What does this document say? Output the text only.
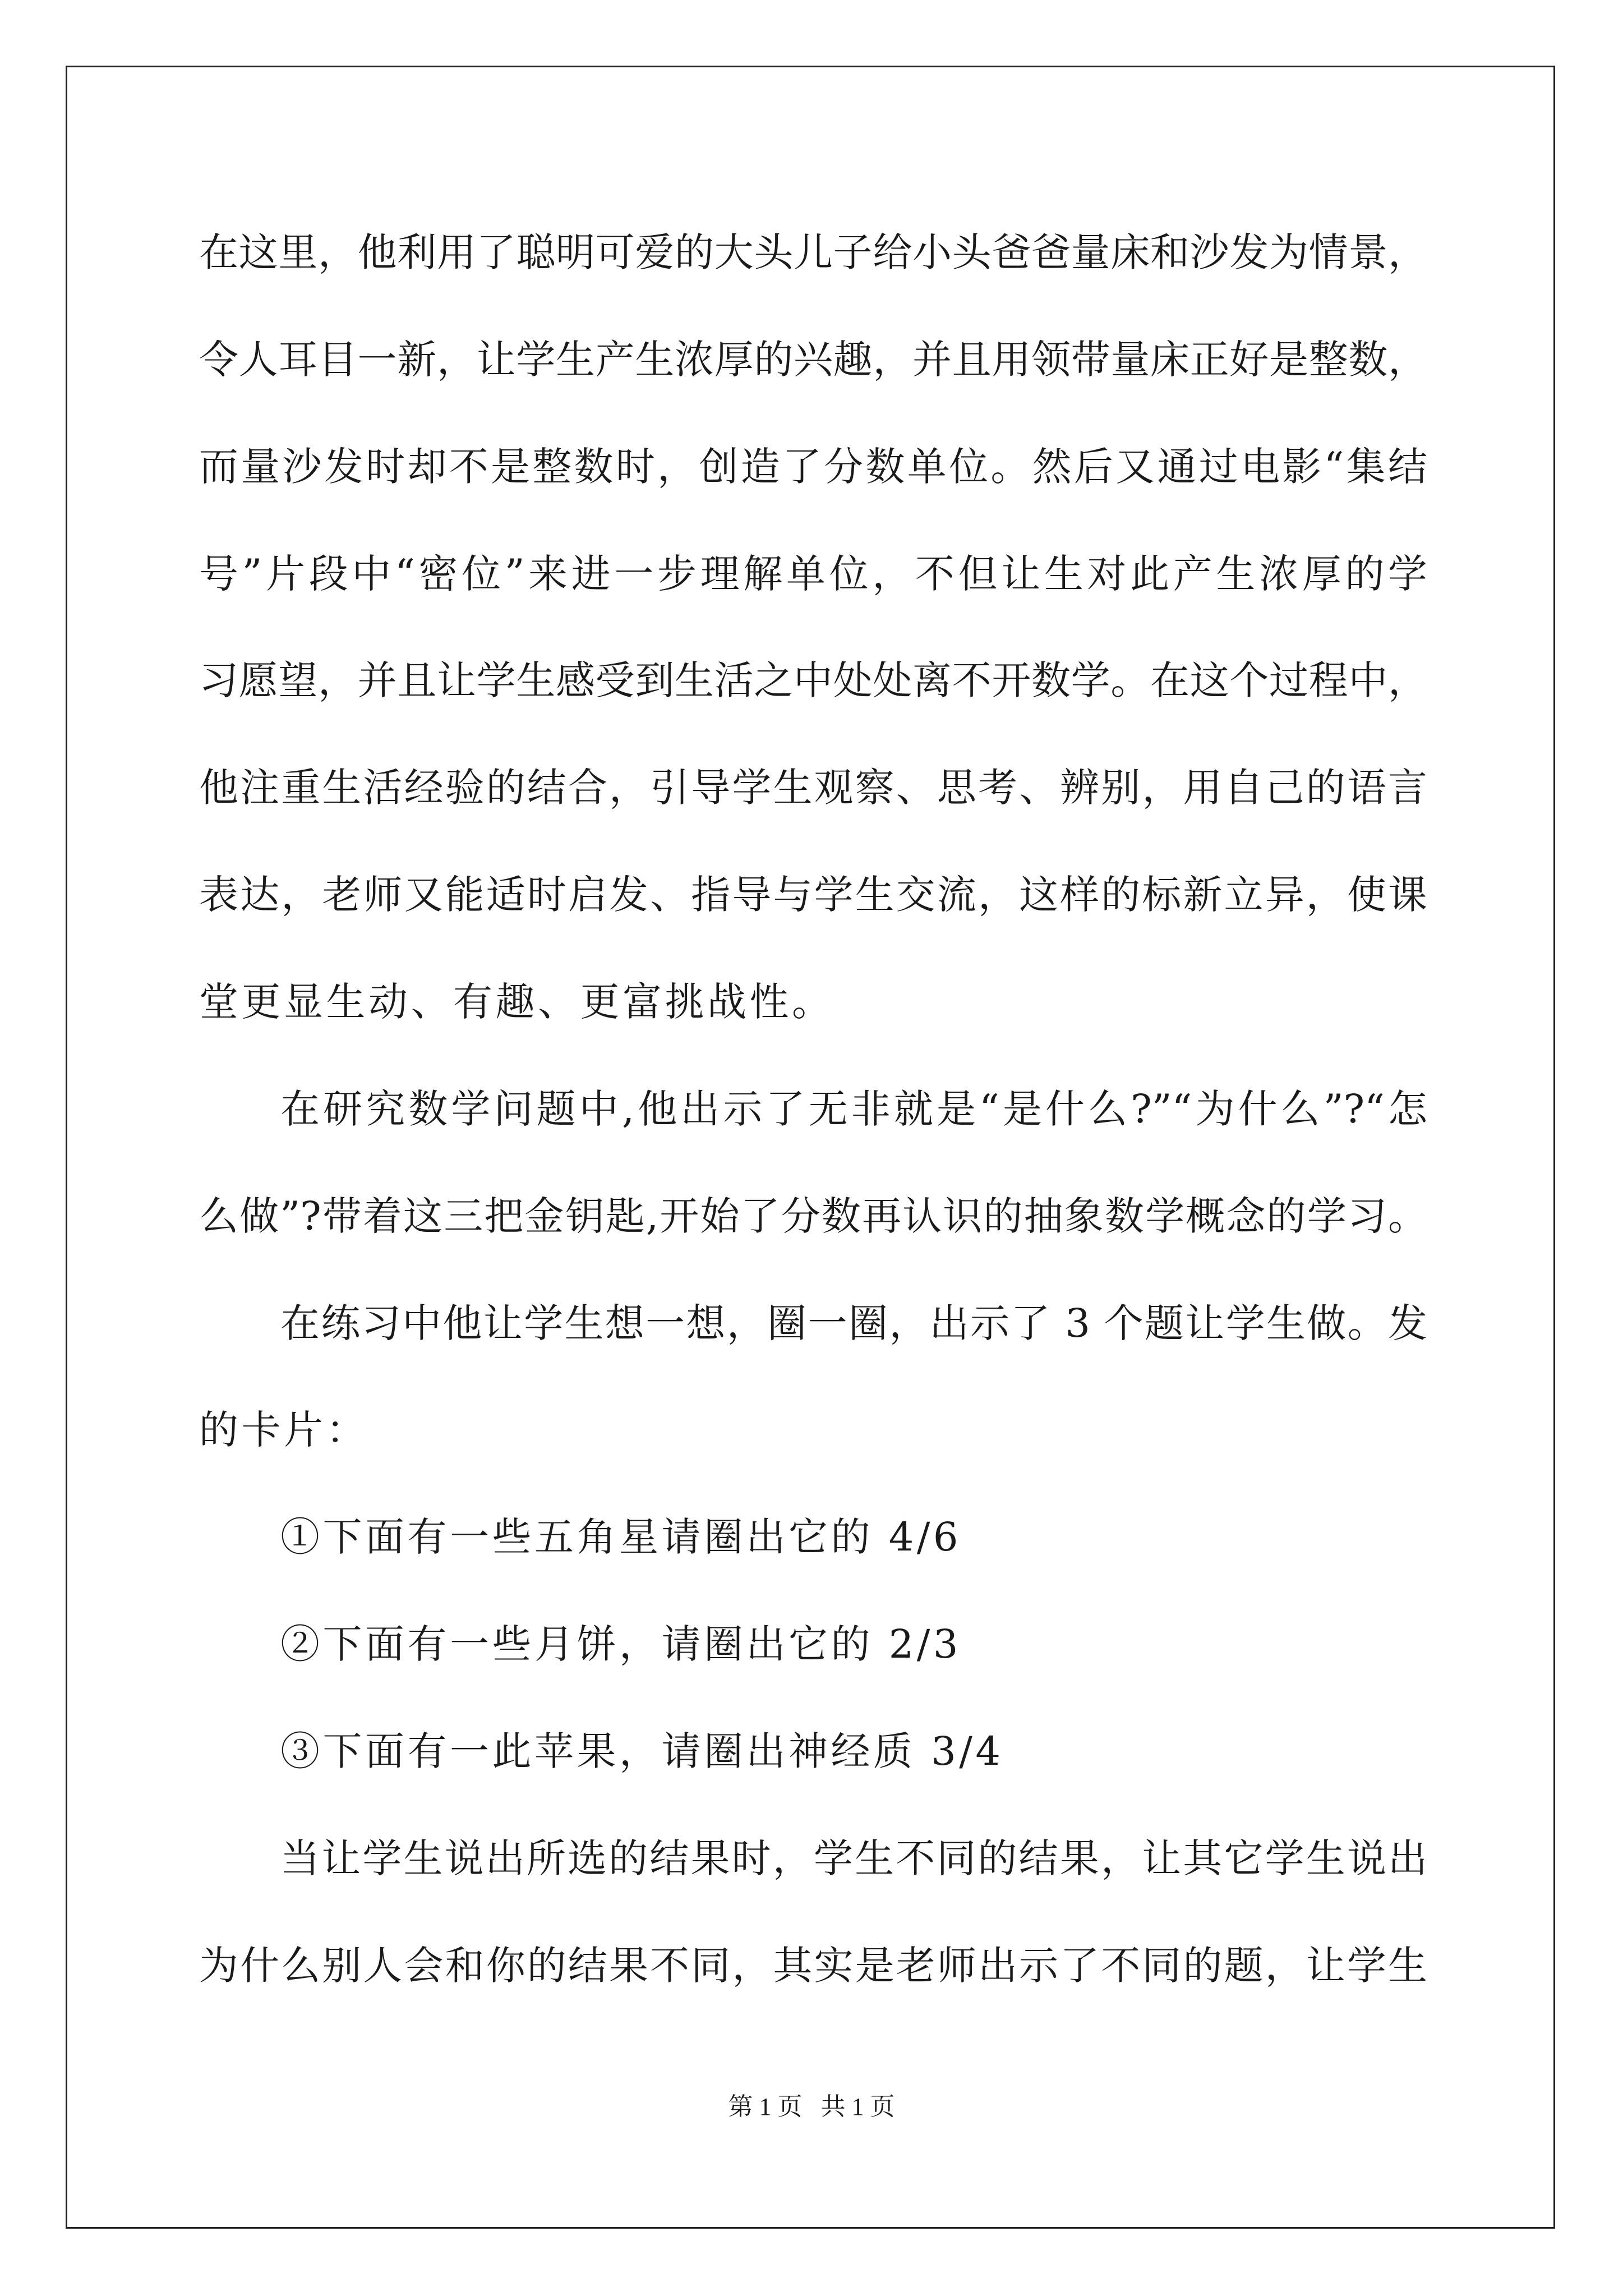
在这里，他利用了聪明可爱的大头儿子给小头爸爸量床和沙发为情景，
令人耳目一新，让学生产生浓厚的兴趣，并且用领带量床正好是整数，
而量沙发时却不是整数时，创造了分数单位。然后又通过电影“集结
号”片段中“密位”来进一步理解单位，不但让生对此产生浓厚的学
习愿望，并且让学生感受到生活之中处处离不开数学。在这个过程中，
他注重生活经验的结合，引导学生观察、思考、辨别，用自己的语言
表达，老师又能适时启发、指导与学生交流，这样的标新立异，使课
堂更显生动、有趣、更富挑战性。
在研究数学问题中,他出示了无非就是“是什么?”“为什么”?“怎
么做”?带着这三把金钥匙,开始了分数再认识的抽象数学概念的学习。
在练习中他让学生想一想，圈一圈，出示了 3 个题让学生做。发
的卡片：
①下面有一些五角星请圈出它的 4/6
②下面有一些月饼，请圈出它的 2/3
③下面有一此苹果，请圈出神经质 3/4
当让学生说出所选的结果时，学生不同的结果，让其它学生说出
为什么别人会和你的结果不同，其实是老师出示了不同的题，让学生
第 1 页   共 1 页
